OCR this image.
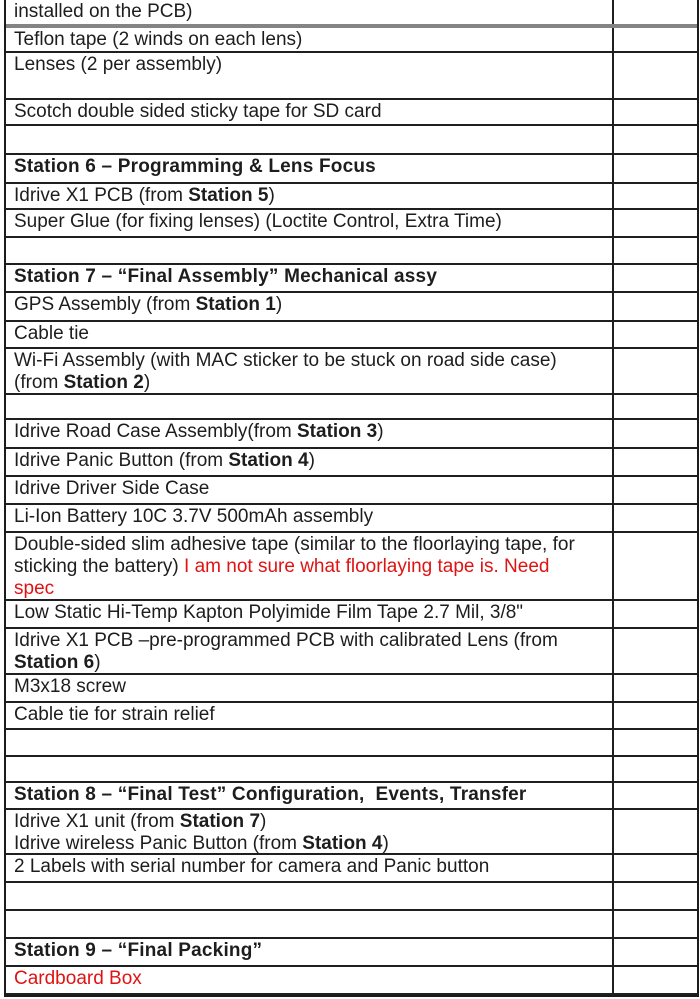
installed on the PCB)
Teflon tape (2 winds on each lens)
Lenses (2 per assembly)
Scotch double sided sticky tape for SD card
Station 6 – Programming & Lens Focus
Idrive X1 PCB (from Station 5)
Super Glue (for fixing lenses) (Loctite Control, Extra Time)
Station 7 – “Final Assembly” Mechanical assy
GPS Assembly (from Station 1)
Cable tie
Wi-Fi Assembly (with MAC sticker to be stuck on road side case)
(from Station 2)
Idrive Road Case Assembly(from Station 3)
Idrive Panic Button (from Station 4)
Idrive Driver Side Case
Li-Ion Battery 10C 3.7V 500mAh assembly
Double-sided slim adhesive tape (similar to the floorlaying tape, for
sticking the battery) I am not sure what floorlaying tape is. Need
spec
Low Static Hi-Temp Kapton Polyimide Film Tape 2.7 Mil, 3/8"
Idrive X1 PCB –pre-programmed PCB with calibrated Lens (from
Station 6)
M3x18 screw
Cable tie for strain relief
Station 8 – “Final Test” Configuration,  Events, Transfer
Idrive X1 unit (from Station 7)
Idrive wireless Panic Button (from Station 4)
2 Labels with serial number for camera and Panic button
Station 9 – “Final Packing”
Cardboard Box
